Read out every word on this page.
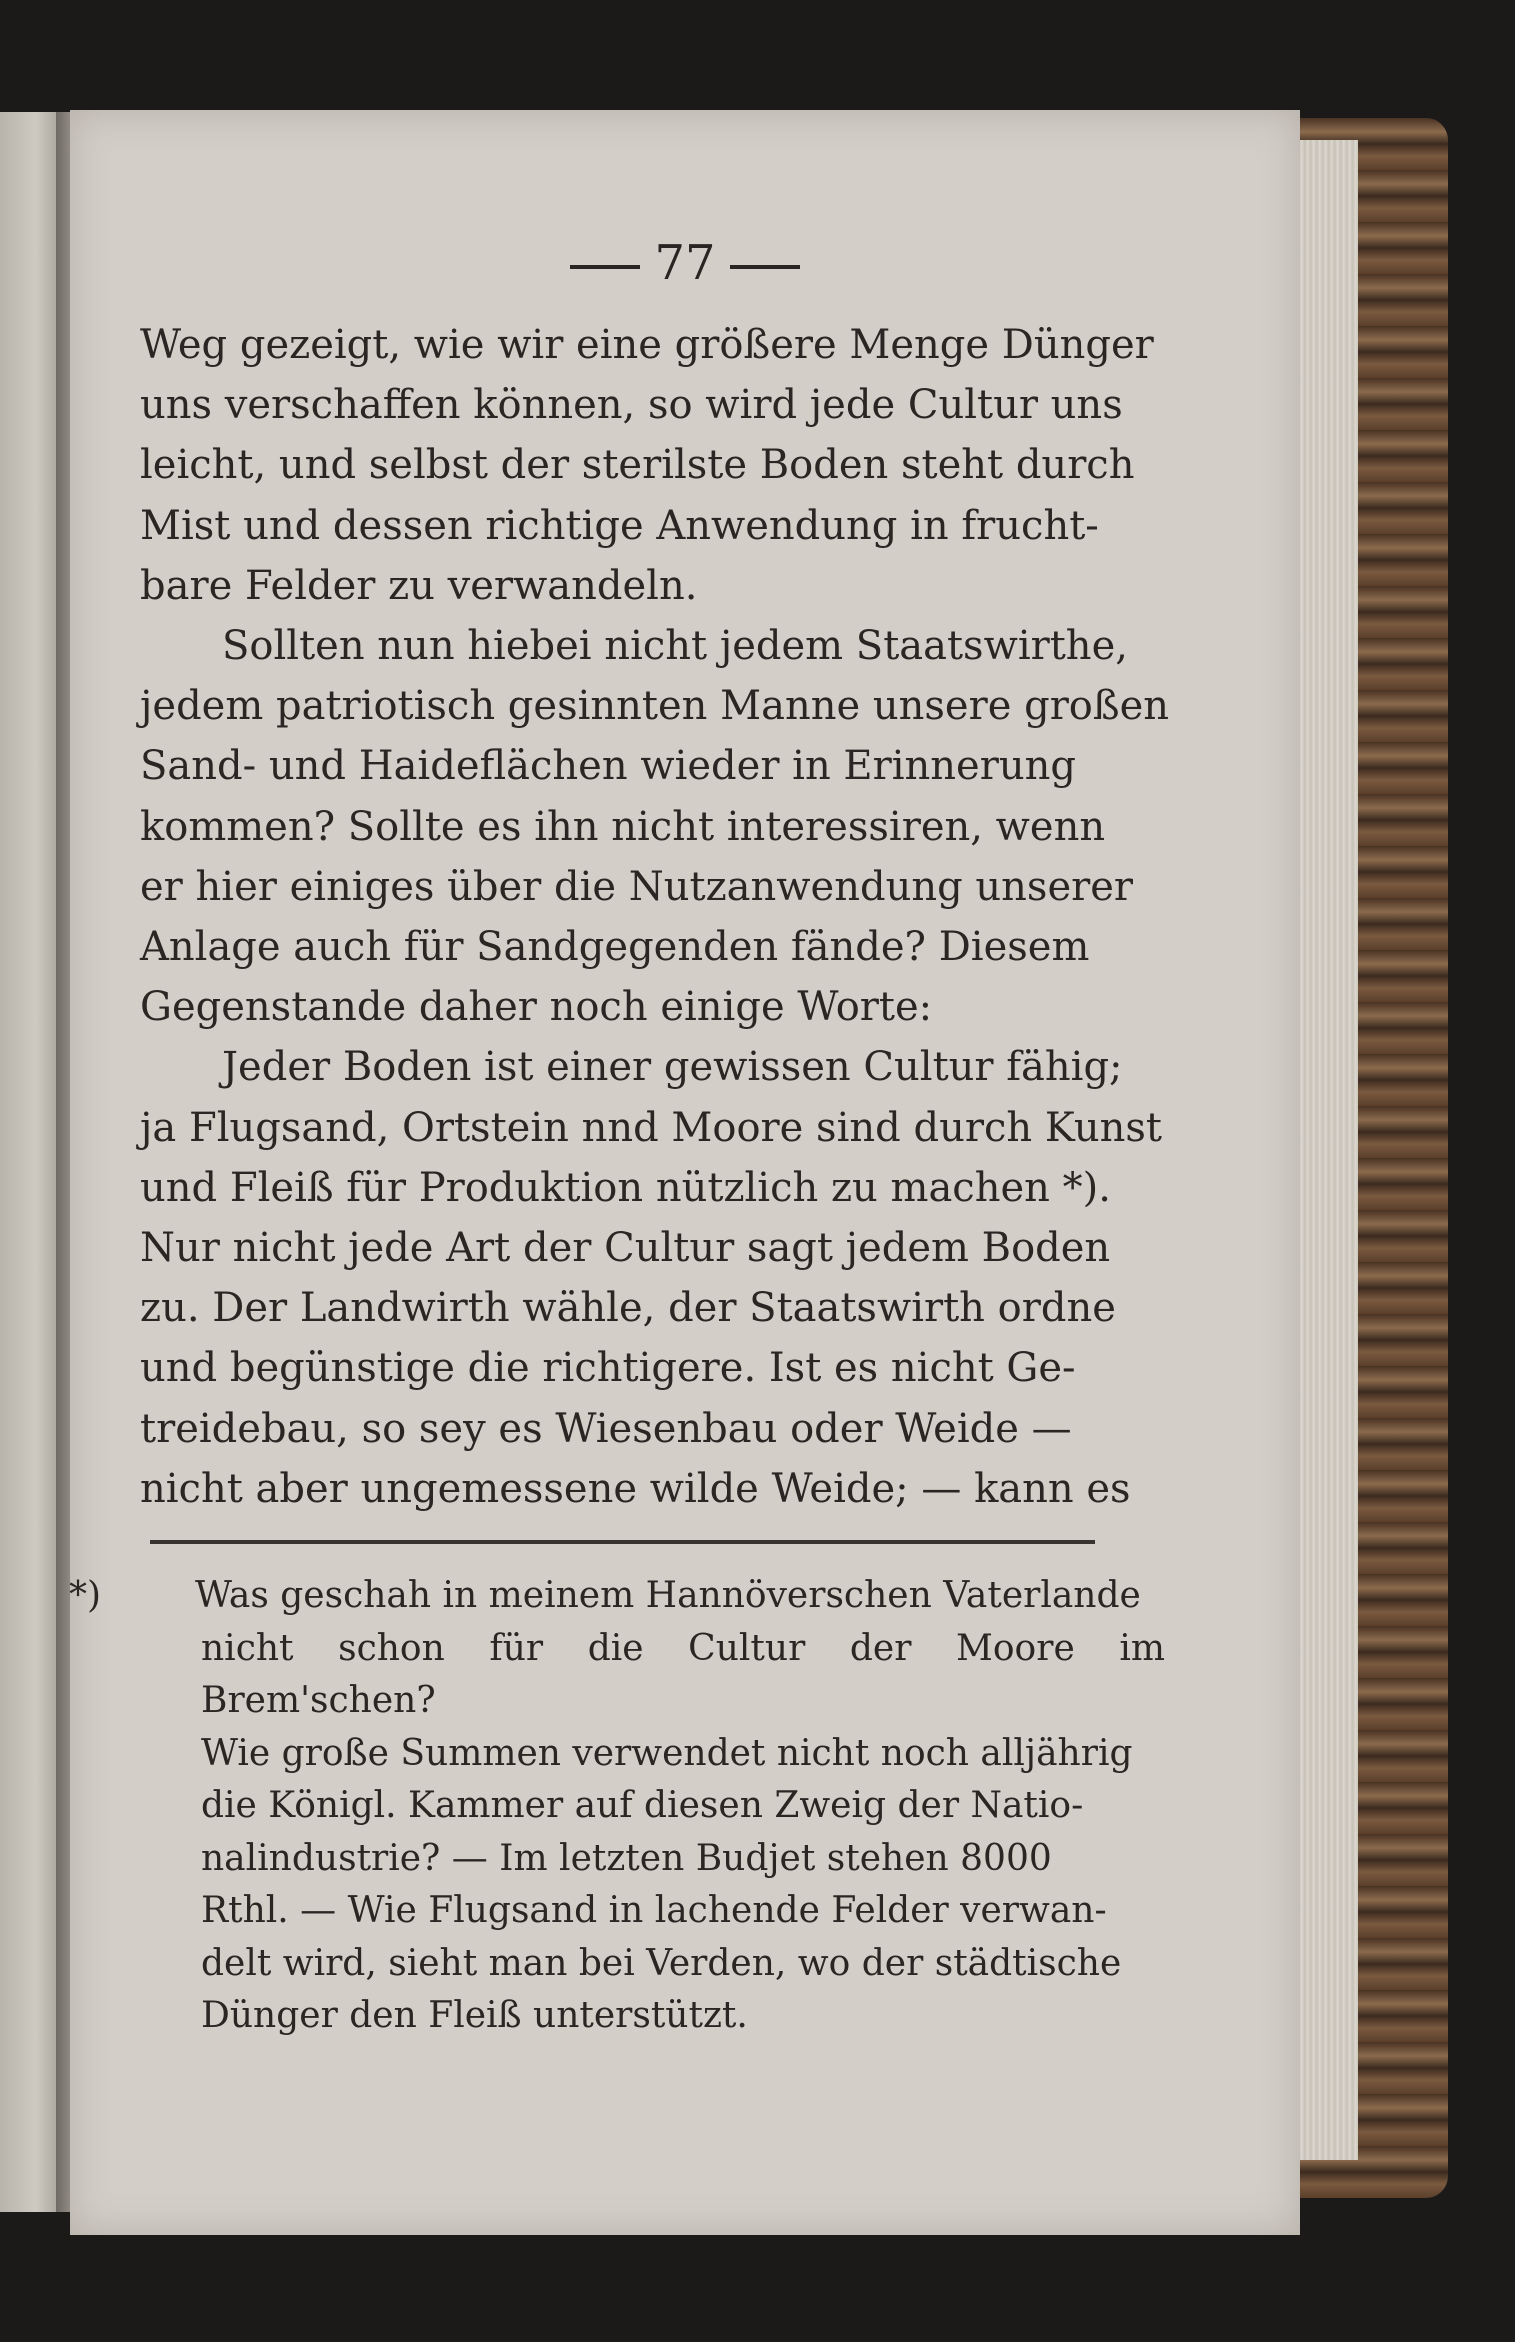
77

Weg gezeigt, wie wir eine größere Menge Dünger
uns verschaffen können, so wird jede Cultur uns
leicht, und selbst der sterilste Boden steht durch
Mist und dessen richtige Anwendung in frucht-
bare Felder zu verwandeln.

Sollten nun hiebei nicht jedem Staatswirthe,
jedem patriotisch gesinnten Manne unsere großen
Sand- und Haideflächen wieder in Erinnerung
kommen? Sollte es ihn nicht interessiren, wenn
er hier einiges über die Nutzanwendung unserer
Anlage auch für Sandgegenden fände? Diesem
Gegenstande daher noch einige Worte:

Jeder Boden ist einer gewissen Cultur fähig;
ja Flugsand, Ortstein nnd Moore sind durch Kunst
und Fleiß für Produktion nützlich zu machen *).
Nur nicht jede Art der Cultur sagt jedem Boden
zu. Der Landwirth wähle, der Staatswirth ordne
und begünstige die richtigere. Ist es nicht Ge-
treidebau, so sey es Wiesenbau oder Weide —
nicht aber ungemessene wilde Weide; — kann es

*)	Was geschah in meinem Hannöverschen Vaterlande
nicht schon für die Cultur der Moore im Brem'schen?
Wie große Summen verwendet nicht noch alljährig
die Königl. Kammer auf diesen Zweig der Natio-
nalindustrie? — Im letzten Budjet stehen 8000
Rthl. — Wie Flugsand in lachende Felder verwan-
delt wird, sieht man bei Verden, wo der städtische
Dünger den Fleiß unterstützt.
